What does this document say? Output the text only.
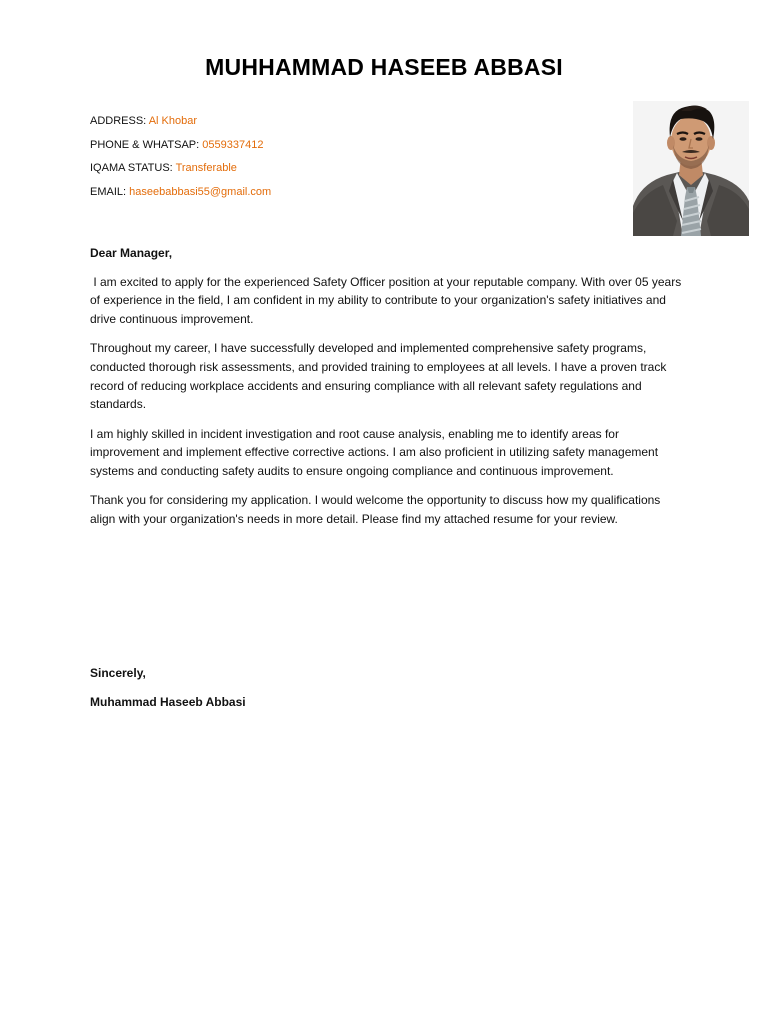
MUHHAMMAD HASEEB ABBASI
ADDRESS: Al Khobar
PHONE & WHATSAP: 0559337412
IQAMA STATUS: Transferable
EMAIL: haseebabbasi55@gmail.com
Dear Manager,
I am excited to apply for the experienced Safety Officer position at your reputable company. With over 05 years of experience in the field, I am confident in my ability to contribute to your organization's safety initiatives and drive continuous improvement.
Throughout my career, I have successfully developed and implemented comprehensive safety programs, conducted thorough risk assessments, and provided training to employees at all levels. I have a proven track record of reducing workplace accidents and ensuring compliance with all relevant safety regulations and standards.
I am highly skilled in incident investigation and root cause analysis, enabling me to identify areas for improvement and implement effective corrective actions. I am also proficient in utilizing safety management systems and conducting safety audits to ensure ongoing compliance and continuous improvement.
Thank you for considering my application. I would welcome the opportunity to discuss how my qualifications align with your organization's needs in more detail. Please find my attached resume for your review.
Sincerely,
Muhammad Haseeb Abbasi
